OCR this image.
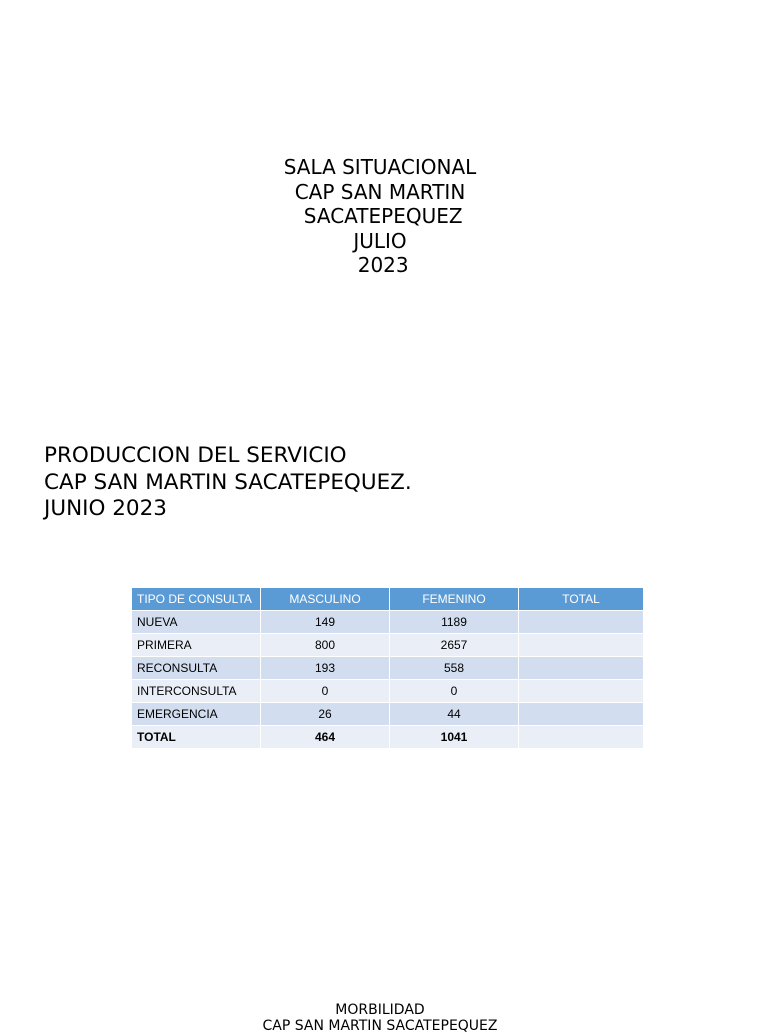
SALA SITUACIONAL
CAP SAN MARTIN
SACATEPEQUEZ
JULIO
2023
PRODUCCION DEL SERVICIO
CAP SAN MARTIN SACATEPEQUEZ.
JUNIO 2023
TIPO DE CONSULTA	MASCULINO	FEMENINO	TOTAL
NUEVA	149	1189	
PRIMERA	800	2657	
RECONSULTA	193	558	
INTERCONSULTA	0	0	
EMERGENCIA	26	44	
TOTAL	464	1041	
MORBILIDAD
CAP SAN MARTIN SACATEPEQUEZ
